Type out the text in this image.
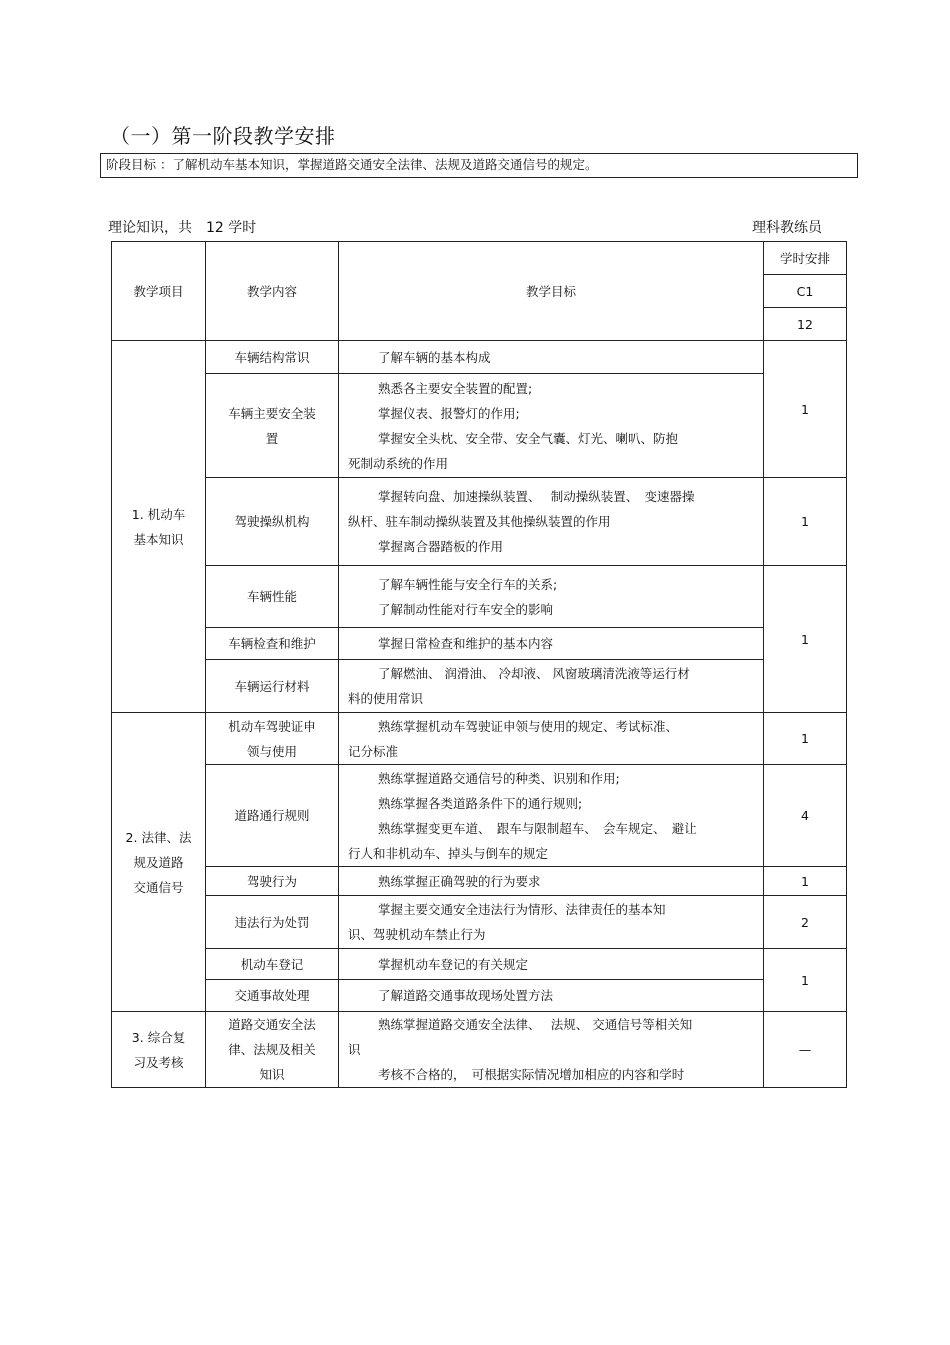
（一）第一阶段教学安排
阶段目标 ：了解机动车基本知识，掌握道路交通安全法律、法规及道路交通信号的规定。
理论知识，共　12 学时	理科教练员
教学项目	教学内容	教学目标	学时安排
			C1
			12

1. 机动车
基本知识	车辆结构常识	了解车辆的基本构成	1

	车辆主要安全装
置	熟悉各主要安全装置的配置;
掌握仪表、报警灯的作用;
掌握安全头枕、安全带、安全气囊、灯光、喇叭、防抱
死制动系统的作用	

	驾驶操纵机构	掌握转向盘、加速操纵装置、　 制动操纵装置、　变速器操
纵杆、驻车制动操纵装置及其他操纵装置的作用
掌握离合器踏板的作用	1

	车辆性能	了解车辆性能与安全行车的关系;
了解制动性能对行车安全的影响	1

	车辆检查和维护	掌握日常检查和维护的基本内容	

	车辆运行材料	了解燃油、 润滑油、 冷却液、 风窗玻璃清洗液等运行材
料的使用常识	

2. 法律、法
规及道路
交通信号	机动车驾驶证申
领与使用	熟练掌握机动车驾驶证申领与使用的规定、考试标准、
记分标准	1

	道路通行规则	熟练掌握道路交通信号的种类、识别和作用;
熟练掌握各类道路条件下的通行规则;
熟练掌握变更车道、　跟车与限制超车、　会车规定、　避让
行人和非机动车、掉头与倒车的规定	4

	驾驶行为	熟练掌握正确驾驶的行为要求	1

	违法行为处罚	掌握主要交通安全违法行为情形、法律责任的基本知
识、驾驶机动车禁止行为	2

	机动车登记	掌握机动车登记的有关规定	1

	交通事故处理	了解道路交通事故现场处置方法	

3. 综合复
习及考核	道路交通安全法
律、法规及相关
知识	熟练掌握道路交通安全法律、　 法规、 交通信号等相关知
识
考核不合格的，　可根据实际情况增加相应的内容和学时	—
